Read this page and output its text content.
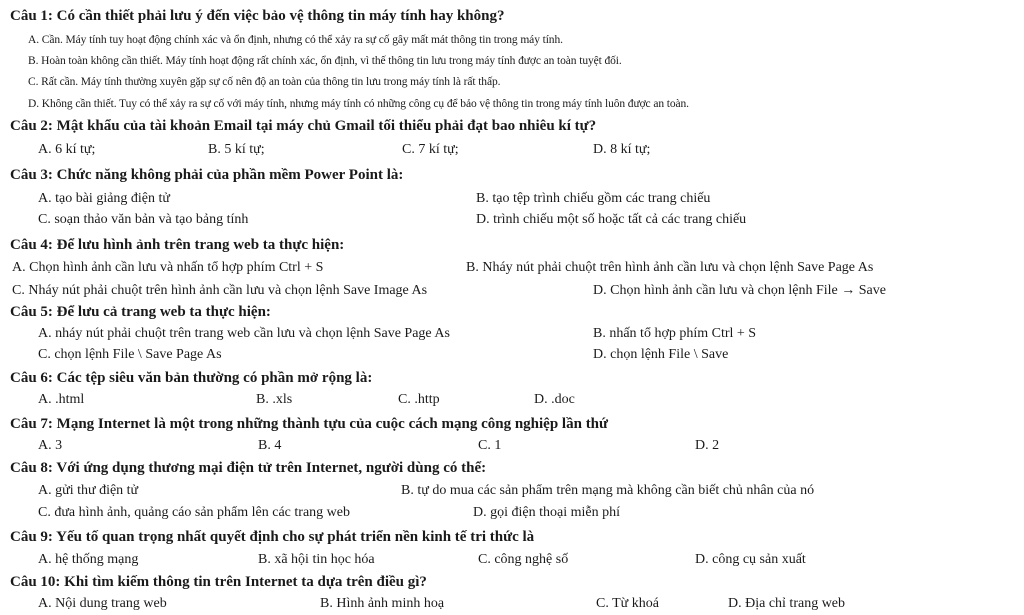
Câu 1: Có cần thiết phải lưu ý đến việc bảo vệ thông tin máy tính hay không?
A. Cần. Máy tính tuy hoạt động chính xác và ổn định, nhưng có thể xảy ra sự cố gây mất mát thông tin trong máy tính.
B. Hoàn toàn không cần thiết. Máy tính hoạt động rất chính xác, ổn định, vì thế thông tin lưu trong máy tính được an toàn tuyệt đối.
C. Rất cần. Máy tính thường xuyên gặp sự cố nên độ an toàn của thông tin lưu trong máy tính là rất thấp.
D. Không cần thiết. Tuy có thể xảy ra sự cố với máy tính, nhưng máy tính có những công cụ để bảo vệ thông tin trong máy tính luôn được an toàn.
Câu 2: Mật khẩu của tài khoản Email tại máy chủ Gmail tối thiểu phải đạt bao nhiêu kí tự?
A. 6 kí tự;	B. 5 kí tự;	C. 7 kí tự;	D. 8 kí tự;
Câu 3: Chức năng không phải của phần mềm Power Point là:
A. tạo bài giảng điện tử	B. tạo tệp trình chiếu gồm các trang chiếu
C. soạn thảo văn bản và tạo bảng tính	D. trình chiếu một số hoặc tất cả các trang chiếu
Câu 4: Để lưu hình ảnh trên trang web ta thực hiện:
A. Chọn hình ảnh cần lưu và nhấn tổ hợp phím Ctrl + S	B. Nháy nút phải chuột trên hình ảnh cần lưu và chọn lệnh Save Page As
C. Nháy nút phải chuột trên hình ảnh cần lưu và chọn lệnh Save Image As	D. Chọn hình ảnh cần lưu và chọn lệnh File → Save
Câu 5: Để lưu cả trang web ta thực hiện:
A. nháy nút phải chuột trên trang web cần lưu và chọn lệnh Save Page As	B. nhấn tổ hợp phím Ctrl + S
C. chọn lệnh File \ Save Page As	D. chọn lệnh File \ Save
Câu 6: Các tệp siêu văn bản thường có phần mở rộng là:
A. .html	B. .xls	C. .http	D. .doc
Câu 7: Mạng Internet là một trong những thành tựu của cuộc cách mạng công nghiệp lần thứ
A. 3	B. 4	C. 1	D. 2
Câu 8: Với ứng dụng thương mại điện tử trên Internet, người dùng có thể:
A. gửi thư điện tử	B. tự do mua các sản phẩm trên mạng mà không cần biết chủ nhân của nó
C. đưa hình ảnh, quảng cáo sản phẩm lên các trang web	D. gọi điện thoại miễn phí
Câu 9: Yếu tố quan trọng nhất quyết định cho sự phát triển nền kinh tế tri thức là
A. hệ thống mạng	B. xã hội tin học hóa	C. công nghệ số	D. công cụ sản xuất
Câu 10: Khi tìm kiếm thông tin trên Internet ta dựa trên điều gì?
A. Nội dung trang web	B. Hình ảnh minh hoạ	C. Từ khoá	D. Địa chỉ trang web
